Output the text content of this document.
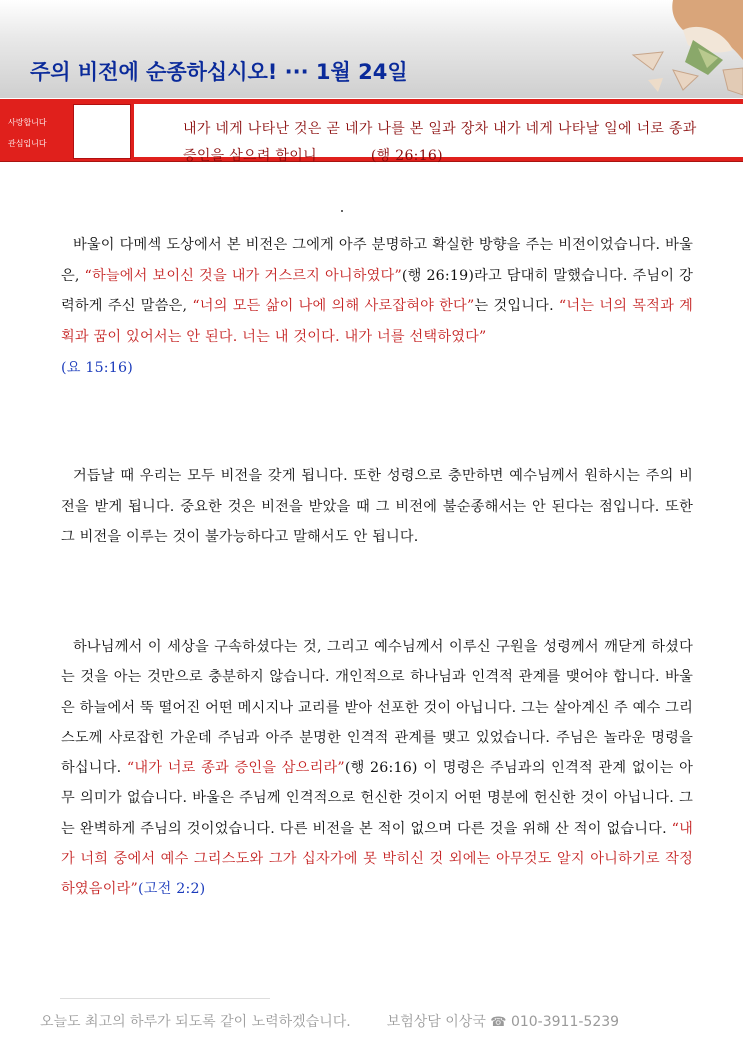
주의 비전에 순종하십시오! ··· 1월 24일
사랑합니다
관심입니다
내가 네게 나타난 것은 곧 네가 나를 본 일과 장차 내가 네게 나타날 일에 너로 종과 증인을 삼으려 함이니	(행 26:16)
바울이 다메섹 도상에서 본 비전은 그에게 아주 분명하고 확실한 방향을 주는 비전이었습니다. 바울은, “하늘에서 보이신 것을 내가 거스르지 아니하였다”(행 26:19)라고 담대히 말했습니다. 주님이 강력하게 주신 말씀은, “너의 모든 삶이 나에 의해 사로잡혀야 한다”는 것입니다. “너는 너의 목적과 계획과 꿈이 있어서는 안 된다. 너는 내 것이다. 내가 너를 선택하였다”
(요 15:16)
거듭날 때 우리는 모두 비전을 갖게 됩니다. 또한 성령으로 충만하면 예수님께서 원하시는 주의 비전을 받게 됩니다. 중요한 것은 비전을 받았을 때 그 비전에 불순종해서는 안 된다는 점입니다. 또한 그 비전을 이루는 것이 불가능하다고 말해서도 안 됩니다.
하나님께서 이 세상을 구속하셨다는 것, 그리고 예수님께서 이루신 구원을 성령께서 깨닫게 하셨다는 것을 아는 것만으로 충분하지 않습니다. 개인적으로 하나님과 인격적 관계를 맺어야 합니다. 바울은 하늘에서 뚝 떨어진 어떤 메시지나 교리를 받아 선포한 것이 아닙니다. 그는 살아계신 주 예수 그리스도께 사로잡힌 가운데 주님과 아주 분명한 인격적 관계를 맺고 있었습니다. 주님은 놀라운 명령을 하십니다. “내가 너로 종과 증인을 삼으리라”(행 26:16) 이 명령은 주님과의 인격적 관계 없이는 아무 의미가 없습니다. 바울은 주님께 인격적으로 헌신한 것이지 어떤 명분에 헌신한 것이 아닙니다. 그는 완벽하게 주님의 것이었습니다. 다른 비전을 본 적이 없으며 다른 것을 위해 산 적이 없습니다. “내가 너희 중에서 예수 그리스도와 그가 십자가에 못 박히신 것 외에는 아무것도 알지 아니하기로 작정하였음이라”(고전 2:2)
오늘도 최고의 하루가 되도록 같이 노력하겠습니다.	보험상담 이상국 ☎ 010-3911-5239
